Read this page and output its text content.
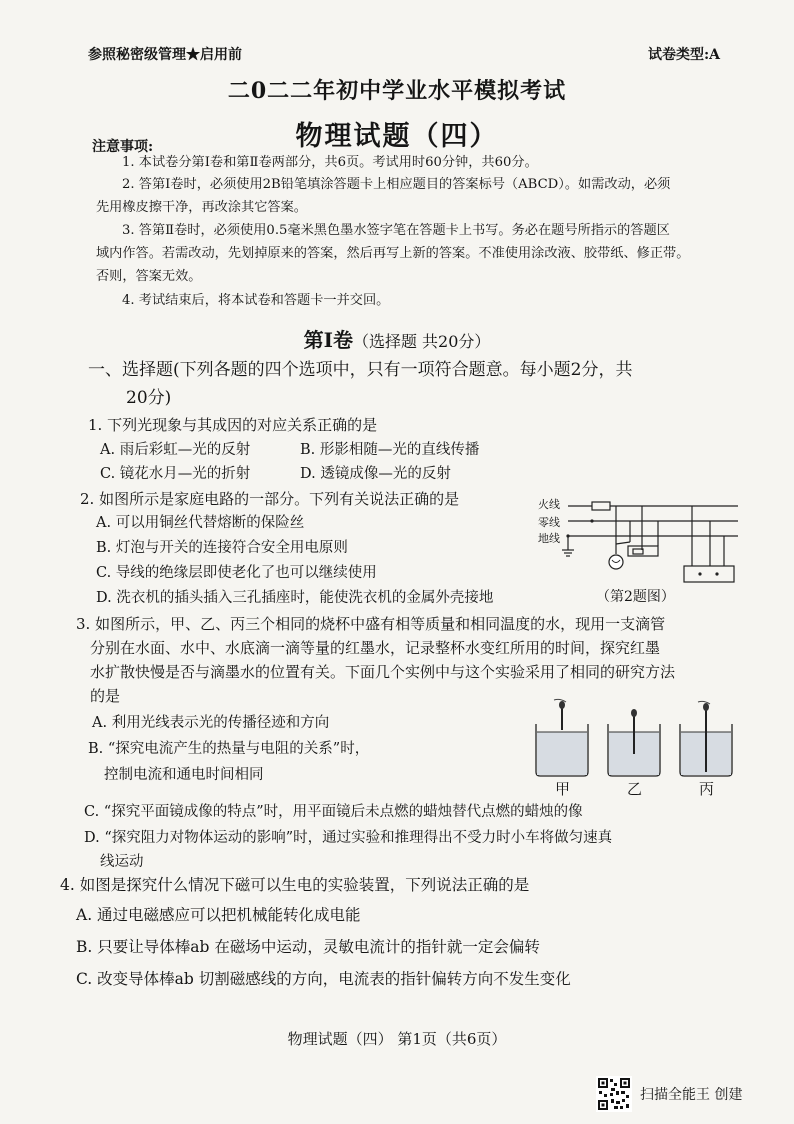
参照秘密级管理★启用前	试卷类型:A
二0二二年初中学业水平模拟考试
物理试题（四）
注意事项:
1. 本试卷分第Ⅰ卷和第Ⅱ卷两部分，共6页。考试用时60分钟，共60分。
2. 答第Ⅰ卷时，必须使用2B铅笔填涂答题卡上相应题目的答案标号（ABCD）。如需改动，必须
先用橡皮擦干净，再改涂其它答案。
3. 答第Ⅱ卷时，必须使用0.5毫米黑色墨水签字笔在答题卡上书写。务必在题号所指示的答题区
域内作答。若需改动，先划掉原来的答案，然后再写上新的答案。不准使用涂改液、胶带纸、修正带。
否则，答案无效。
4. 考试结束后，将本试卷和答题卡一并交回。
第Ⅰ卷（选择题 共20分）
一、选择题(下列各题的四个选项中，只有一项符合题意。每小题2分，共
20分)
1. 下列光现象与其成因的对应关系正确的是
A. 雨后彩虹—光的反射	B. 形影相随—光的直线传播
C. 镜花水月—光的折射	D. 透镜成像—光的反射
2. 如图所示是家庭电路的一部分。下列有关说法正确的是
A. 可以用铜丝代替熔断的保险丝
B. 灯泡与开关的连接符合安全用电原则
C. 导线的绝缘层即使老化了也可以继续使用
D. 洗衣机的插头插入三孔插座时，能使洗衣机的金属外壳接地
火线
零线
地线
（第2题图）
3. 如图所示，甲、乙、丙三个相同的烧杯中盛有相等质量和相同温度的水，现用一支滴管
分别在水面、水中、水底滴一滴等量的红墨水，记录整杯水变红所用的时间，探究红墨
水扩散快慢是否与滴墨水的位置有关。下面几个实例中与这个实验采用了相同的研究方法
的是
A. 利用光线表示光的传播径迹和方向
B. “探究电流产生的热量与电阻的关系”时，
控制电流和通电时间相同
C. “探究平面镜成像的特点”时，用平面镜后未点燃的蜡烛替代点燃的蜡烛的像
D. “探究阻力对物体运动的影响”时，通过实验和推理得出不受力时小车将做匀速真
线运动
甲	乙	丙
4. 如图是探究什么情况下磁可以生电的实验装置，下列说法正确的是
A. 通过电磁感应可以把机械能转化成电能
B. 只要让导体棒ab 在磁场中运动，灵敏电流计的指针就一定会偏转
C. 改变导体棒ab 切割磁感线的方向，电流表的指针偏转方向不发生变化
物理试题（四） 第1页（共6页）
扫描全能王 创建
